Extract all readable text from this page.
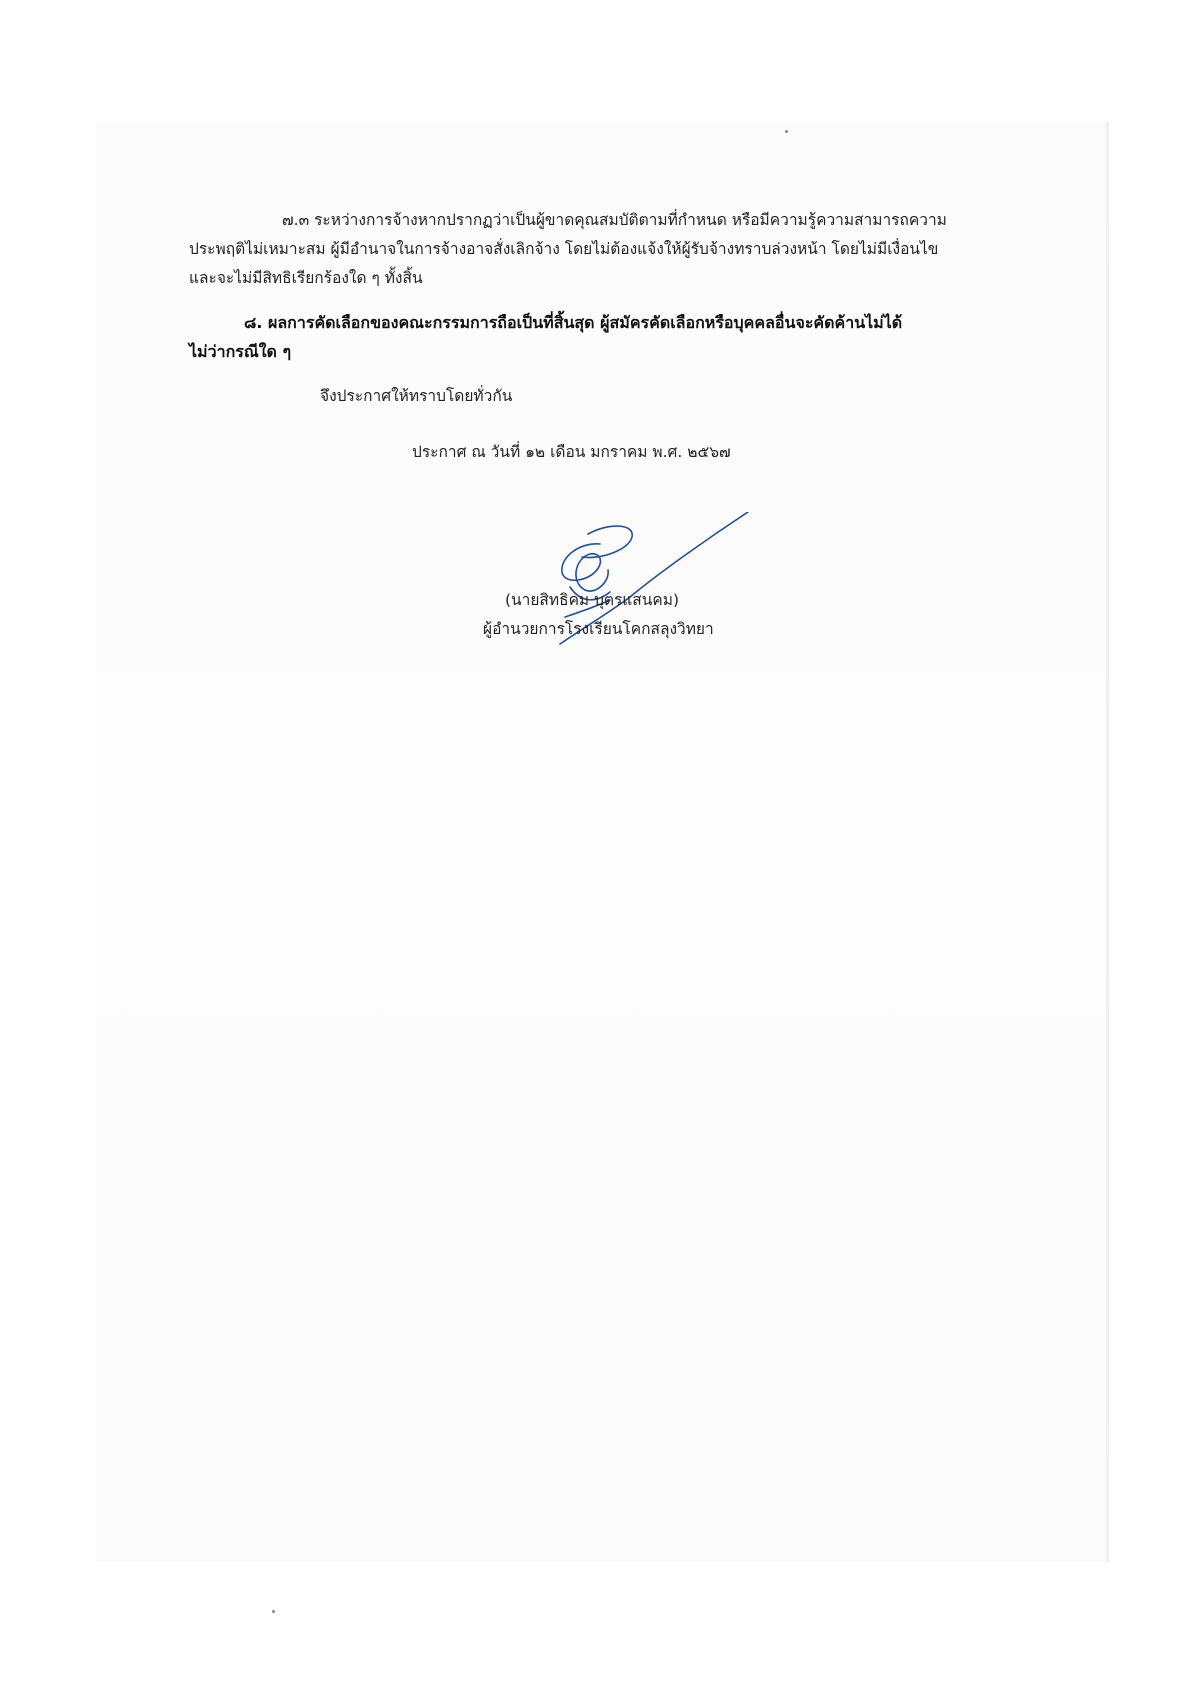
๗.๓ ระหว่างการจ้างหากปรากฏว่าเป็นผู้ขาดคุณสมบัติตามที่กำหนด หรือมีความรู้ความสามารถความ
ประพฤติไม่เหมาะสม ผู้มีอำนาจในการจ้างอาจสั่งเลิกจ้าง โดยไม่ต้องแจ้งให้ผู้รับจ้างทราบล่วงหน้า โดยไม่มีเงื่อนไข
และจะไม่มีสิทธิเรียกร้องใด ๆ ทั้งสิ้น
๘. ผลการคัดเลือกของคณะกรรมการถือเป็นที่สิ้นสุด ผู้สมัครคัดเลือกหรือบุคคลอื่นจะคัดค้านไม่ได้
ไม่ว่ากรณีใด ๆ
จึงประกาศให้ทราบโดยทั่วกัน
ประกาศ ณ วันที่ ๑๒ เดือน มกราคม พ.ศ. ๒๕๖๗
(นายสิทธิคม บุตรแสนคม)
ผู้อำนวยการโรงเรียนโคกสลุงวิทยา
